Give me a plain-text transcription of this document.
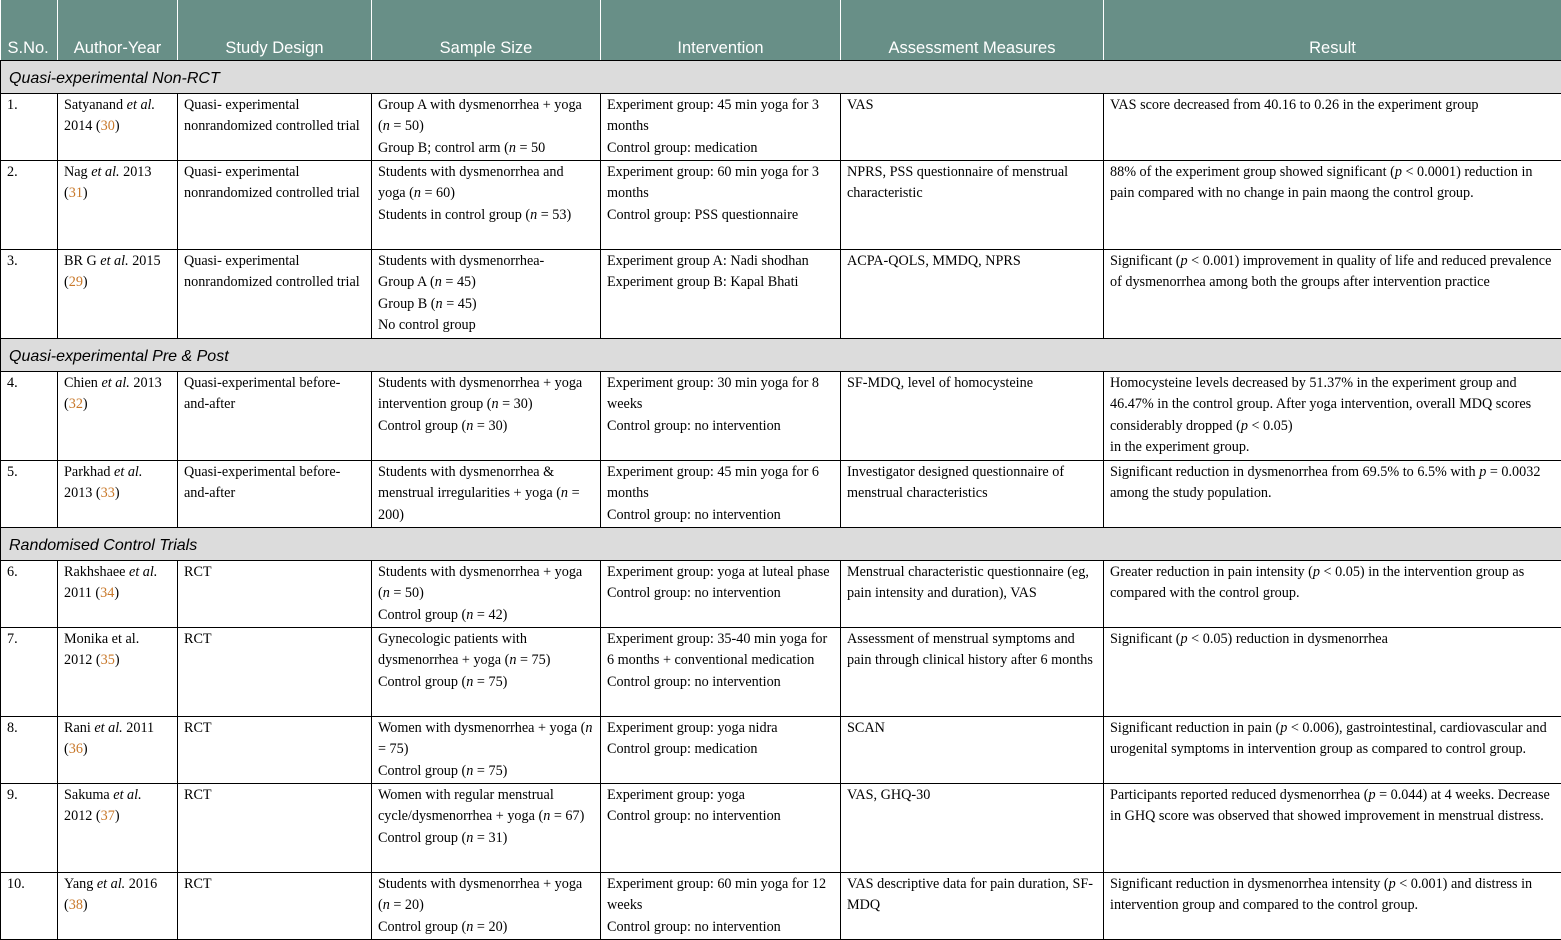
S.No.	Author-Year	Study Design	Sample Size	Intervention	Assessment Measures	Result
Quasi-experimental Non-RCT						
1.	Satyanand et al. 2014 (30)	Quasi- experimental nonrandomized controlled trial	Group A with dysmenorrhea + yoga (n = 50)
Group B; control arm (n = 50	Experiment group: 45 min yoga for 3 months
Control group: medication	VAS	VAS score decreased from 40.16 to 0.26 in the experiment group

2.	Nag et al. 2013 (31)	Quasi- experimental nonrandomized controlled trial	Students with dysmenorrhea and yoga (n = 60)
Students in control group (n = 53)	Experiment group: 60 min yoga for 3 months
Control group: PSS questionnaire	NPRS, PSS questionnaire of menstrual characteristic	88% of the experiment group showed significant (p < 0.0001) reduction in pain compared with no change in pain maong the control group.

3.	BR G et al. 2015 (29)	Quasi- experimental nonrandomized controlled trial	Students with dysmenorrhea-
Group A (n = 45)
Group B (n = 45)
No control group	Experiment group A: Nadi shodhan
Experiment group B: Kapal Bhati	ACPA-QOLS, MMDQ, NPRS	Significant (p < 0.001) improvement in quality of life and reduced prevalence of dysmenorrhea among both the groups after intervention practice

Quasi-experimental Pre & Post						
4.	Chien et al. 2013 (32)	Quasi-experimental before-and-after	Students with dysmenorrhea + yoga intervention group (n = 30)
Control group (n = 30)	Experiment group: 30 min yoga for 8 weeks
Control group: no intervention	SF-MDQ, level of homocysteine	Homocysteine levels decreased by 51.37% in the experiment group and 46.47% in the control group. After yoga intervention, overall MDQ scores considerably dropped (p < 0.05)
in the experiment group.

5.	Parkhad et al. 2013 (33)	Quasi-experimental before-and-after	Students with dysmenorrhea & menstrual irregularities + yoga (n = 200)	Experiment group: 45 min yoga for 6 months
Control group: no intervention	Investigator designed questionnaire of menstrual characteristics	Significant reduction in dysmenorrhea from 69.5% to 6.5% with p = 0.0032 among the study population.

Randomised Control Trials						
6.	Rakhshaee et al. 2011 (34)	RCT	Students with dysmenorrhea + yoga (n = 50)
Control group (n = 42)	Experiment group: yoga at luteal phase
Control group: no intervention	Menstrual characteristic questionnaire (eg, pain intensity and duration), VAS	Greater reduction in pain intensity (p < 0.05) in the intervention group as compared with the control group.

7.	Monika et al. 2012 (35)	RCT	Gynecologic patients with dysmenorrhea + yoga (n = 75)
Control group (n = 75)	Experiment group: 35-40 min yoga for 6 months + conventional medication
Control group: no intervention	Assessment of menstrual symptoms and pain through clinical history after 6 months	Significant (p < 0.05) reduction in dysmenorrhea

8.	Rani et al. 2011 (36)	RCT	Women with dysmenorrhea + yoga (n = 75)
Control group (n = 75)	Experiment group: yoga nidra
Control group: medication	SCAN	Significant reduction in pain (p < 0.006), gastrointestinal, cardiovascular and urogenital symptoms in intervention group as compared to control group.

9.	Sakuma et al. 2012 (37)	RCT	Women with regular menstrual cycle/dysmenorrhea + yoga (n = 67)
Control group (n = 31)	Experiment group: yoga
Control group: no intervention	VAS, GHQ-30	Participants reported reduced dysmenorrhea (p = 0.044) at 4 weeks. Decrease in GHQ score was observed that showed improvement in menstrual distress.

10.	Yang et al. 2016 (38)	RCT	Students with dysmenorrhea + yoga (n = 20)
Control group (n = 20)	Experiment group: 60 min yoga for 12 weeks
Control group: no intervention	VAS descriptive data for pain duration, SF-MDQ	Significant reduction in dysmenorrhea intensity (p < 0.001) and distress in intervention group and compared to the control group.
